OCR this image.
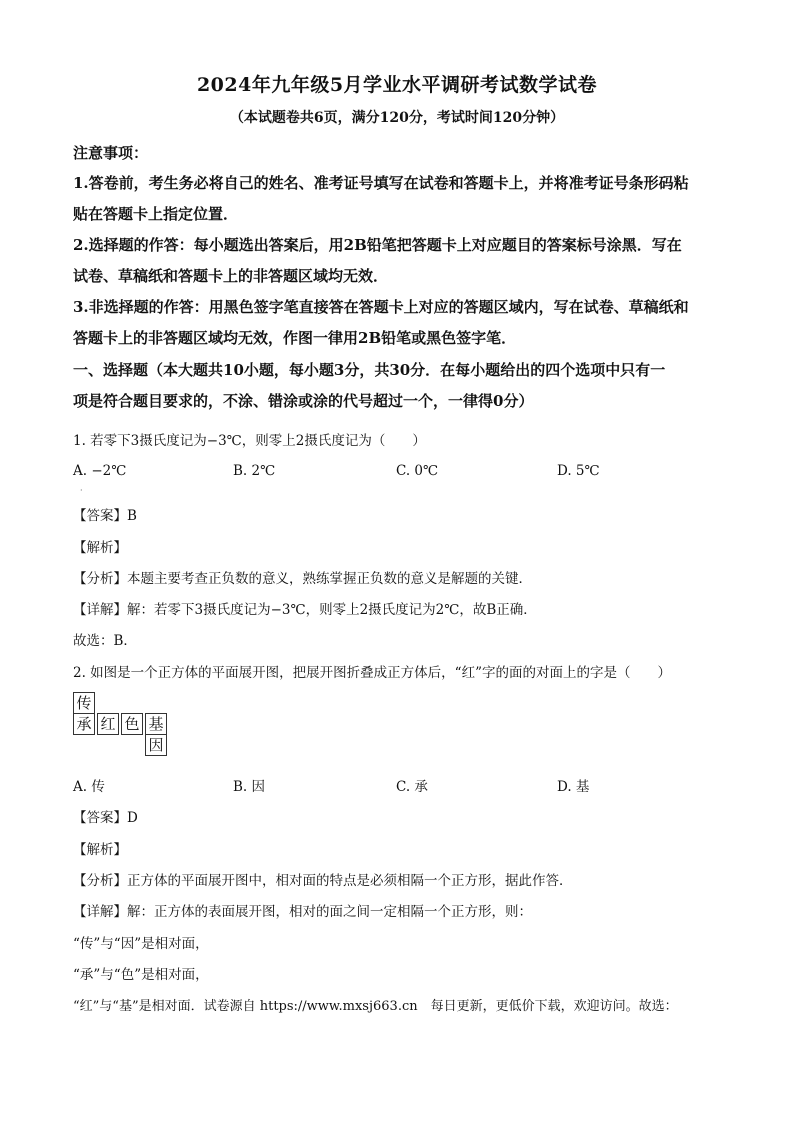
2024年九年级5月学业水平调研考试数学试卷
（本试题卷共6页，满分120分，考试时间120分钟）
注意事项：
1.答卷前，考生务必将自己的姓名、准考证号填写在试卷和答题卡上，并将准考证号条形码粘
贴在答题卡上指定位置．
2.选择题的作答：每小题选出答案后，用2B铅笔把答题卡上对应题目的答案标号涂黑．写在
试卷、草稿纸和答题卡上的非答题区域均无效．
3.非选择题的作答：用黑色签字笔直接答在答题卡上对应的答题区域内，写在试卷、草稿纸和
答题卡上的非答题区域均无效，作图一律用2B铅笔或黑色签字笔．
一、选择题（本大题共10小题，每小题3分，共30分．在每小题给出的四个选项中只有一
项是符合题目要求的，不涂、错涂或涂的代号超过一个，一律得0分）
1. 若零下3摄氏度记为−3℃，则零上2摄氏度记为（　　）
A. −2℃	B. 2℃	C. 0℃	D. 5℃
·
【答案】B
【解析】
【分析】本题主要考查正负数的意义，熟练掌握正负数的意义是解题的关键．
【详解】解：若零下3摄氏度记为−3℃，则零上2摄氏度记为2℃，故B正确．
故选：B．
2. 如图是一个正方体的平面展开图，把展开图折叠成正方体后，“红”字的面的对面上的字是（　　）
传
承 红 色 基
因
A. 传	B. 因	C. 承	D. 基
【答案】D
【解析】
【分析】正方体的平面展开图中，相对面的特点是必须相隔一个正方形，据此作答．
【详解】解：正方体的表面展开图，相对的面之间一定相隔一个正方形，则：
“传”与“因”是相对面，
“承”与“色”是相对面，
“红”与“基”是相对面．试卷源自 https://www.mxsj663.cn　每日更新，更低价下载，欢迎访问。故选：
